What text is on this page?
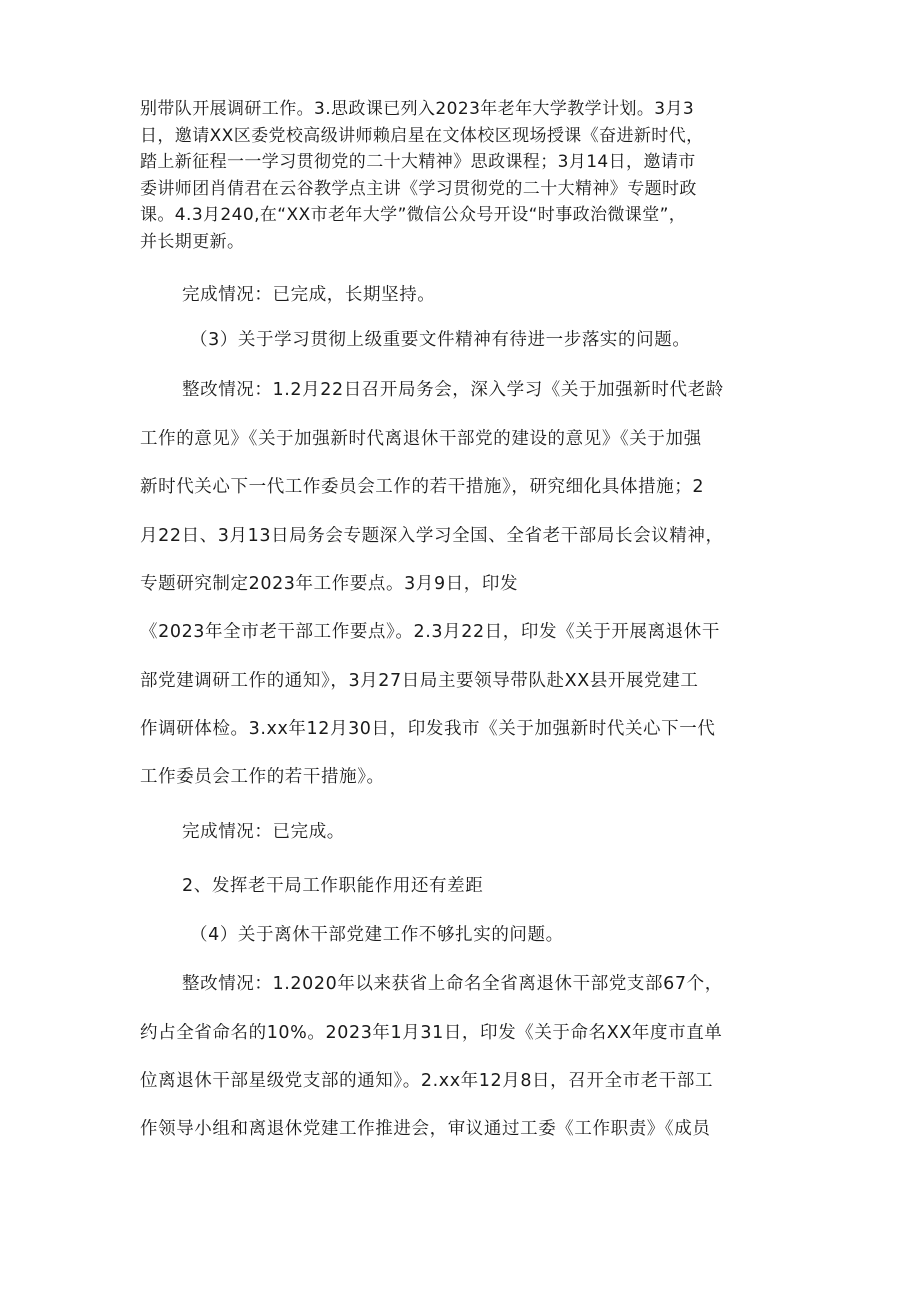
别带队开展调研工作。3.思政课已列入2023年老年大学教学计划。3月3
日，邀请XX区委党校高级讲师赖启星在文体校区现场授课《奋进新时代，
踏上新征程一一学习贯彻党的二十大精神》思政课程；3月14日，邀请市
委讲师团肖倩君在云谷教学点主讲《学习贯彻党的二十大精神》专题时政
课。4.3月240,在“XX市老年大学”微信公众号开设“时事政治微课堂”，
并长期更新。
完成情况：已完成，长期坚持。
（3）关于学习贯彻上级重要文件精神有待进一步落实的问题。
整改情况：1.2月22日召开局务会，深入学习《关于加强新时代老龄
工作的意见》《关于加强新时代离退休干部党的建设的意见》《关于加强
新时代关心下一代工作委员会工作的若干措施》，研究细化具体措施；2
月22日、3月13日局务会专题深入学习全国、全省老干部局长会议精神，
专题研究制定2023年工作要点。3月9日，印发
《2023年全市老干部工作要点》。2.3月22日，印发《关于开展离退休干
部党建调研工作的通知》，3月27日局主要领导带队赴XX县开展党建工
作调研体检。3.xx年12月30日，印发我市《关于加强新时代关心下一代
工作委员会工作的若干措施》。
完成情况：已完成。
2、发挥老干局工作职能作用还有差距
（4）关于离休干部党建工作不够扎实的问题。
整改情况：1.2020年以来获省上命名全省离退休干部党支部67个，
约占全省命名的10%。2023年1月31日，印发《关于命名XX年度市直单
位离退休干部星级党支部的通知》。2.xx年12月8日，召开全市老干部工
作领导小组和离退休党建工作推进会，审议通过工委《工作职责》《成员
